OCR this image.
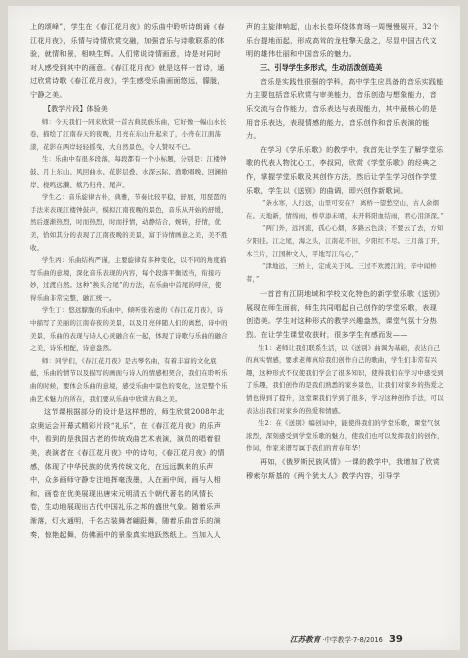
上的颂峰”，学生在《春江花月夜》的乐曲中聆听诗朗诵《春江花月夜》，乐情与诗情欣赏交融，加强音乐与诗歌联系的体验，就情和景，相映生辉。人们常说诗情画意，诗是对同时对人感受到其中的画意。《春江花月夜》就是这样一首诗，通过欣赏诗歌《春江花月夜》，学生感受乐曲画面悠远，朦胧，宁静之美。

【教学片段】体验美

师：今天我们一同来欣赏一首古典民族乐曲，它好像一幅山水长卷，描绘了江南春天的夜晚，月亮在东山升起来了，小舟在江面荡漾，花影在两岸轻轻摇曳，大自然景色，令人赞叹不已。

生：乐曲中有很多段落，每段都有一个小标题，分别是：江楼钟鼓、月上东山、风回曲水、花影层叠、水深云际、渔歌唱晚、回澜拍岸、桡鸣远濑、欸乃归舟、尾声。

学生乙：音乐旋律古朴，典雅，节奏比较平稳，舒展，用琵琶的手法来表现江楼钟鼓声，模拟江南夜晚的景色，音乐从开始的舒缓，然后逐渐热烈，时而热烈，时而抒情，动静结合，婉转，抒情，优美，恰如其分的表现了江南夜晚的美景，富于诗情画意之美，美不胜收。

学生丙：乐曲结构严谨，主要旋律有多种变化，以不同的角度描写乐曲的意境，深化音乐表现的内容，每个段落平衡适当，衔接巧妙，过渡自然。这种“换头合尾”的方法，在乐曲中首尾的呼应，使得乐曲非常完整，融汇统一。

学生丁：悠远朦胧的乐曲中，倾听张若虚的《春江花月夜》，诗中描写了美丽的江南春夜的美景，以及月亮伴随人们的离愁，诗中的美景，乐曲的表现与诗人心灵融合在一起，体现了诗歌与乐曲的融合之美，诗乐相配，诗意盎然。

师：同学们，《春江花月夜》是古琴名曲，有着丰富的文化底蕴，乐曲的情节以及描写的画面与诗人的情感相契合，我们在聆听乐曲的时候，要体会乐曲的意境，感受乐曲中景色的变化，这是整个乐曲艺术魅力的所在，我们要从乐曲中欣赏古典之美。

这节课根据部分的设计是这样想的，师生欣赏2008年北京奥运会开幕式精彩片段“礼乐”，在《春江花月夜》的乐声中，看到的是我国古老的传统戏曲艺术表演，演员的唱着很美，表演者在《春江花月夜》中的诗句，《春江花月夜》的情感，体现了中华民族的优秀传统文化，在远远飘来的乐声中，众多画师守静专注地挥毫泼墨，人在画中间，画与人相和，画卷在优美展现出唐宋元明清五个朝代著名的风情长卷，生动地展现出古代中国礼乐之邦的盛世气象。随着乐声渐落，灯火通明，千名古装舞者翩跹舞，随着乐曲音乐的演奏，惊艳起舞，仿佛画中的景象真实地跃然纸上。当加入人

声的主旋律响起，山水长卷环绕体育场一周慢慢展开，32个乐台提地而起，形成高耸的龙柱擎天盘之，尽显中国古代文明的雄伟壮丽和中国音乐的魅力。

三、引导学生多形式，生动活泼创造美

音乐是实践性很强的学科，高中学生应具备的音乐实践能力主要包括音乐欣赏与审美能力，音乐创造与想象能力，音乐交流与合作能力，音乐表达与表现能力，其中最核心的是用音乐表达，表现情感的能力，音乐创作和音乐表演的能力。

在学习《学乐乐歌》的教学中，我首先让学生了解学堂乐歌的代表人物沈心工，李叔同，欣赏《学堂乐歌》的经典之作，掌握学堂乐歌及其创作方法，然后让学生学习创作学堂乐歌，学生以《送别》的曲调，即兴创作新歌词。

“条水寒，人行远，山里可安在？ 离桥一望愁空山，古人余烟在。天地新，情绵雨，桥草添未晴，未开料阳血结雨，君心泪泽深。”

“两门外，远河流，孤心心烟，多路云色淡；不要云了去，方知夕阳挂。江之尾，海之头，江南花不旧，夕阳红不尽。三月落丁开，木兰片，江国种文人，平地写江鸟心，”

“津地远，三桥上，定成关于风。三过不欢渡江的，辛中闻桥者，”

一首首有江阴地域和学校文化特色的新学堂乐歌《送别》展现在师生面前，师生共同唱起自己创作的学堂乐歌，表现创造美。学生对这种形式的教学兴趣盎然，课堂气氛十分热烈。在让学生课堂收获时，很多学生有感而发——

生1：老师让我们联系生活，以《送别》曲调为基础，表达自己的真实情感，要求老师真给我们创作自己的歌曲，学生们非常有兴趣，这种形式不仅使我们学会了很多知识，使得我们在学习中感受到了乐趣，我们创作的是我们熟悉的家乡景色，让我们对家乡的热爱之情也得到了提升，这堂课我们学到了很多，学习这种创作手法，可以表达出我们对家乡的热爱和情感。

生2：在《送别》编创词中，能使得我们的学堂乐歌，课堂气氛浓烈，深刻感受到学堂乐歌的魅力，使我们也可以发挥我们的创作，作词，作家来谱写属于我们的青春年华！

再如，《俄罗斯民族风情》一课的教学中，我增加了欣赏穆索尔斯基的《两个犹太人》教学内容，引导学

江苏教育 ·中学教学·7-8/2016 39
